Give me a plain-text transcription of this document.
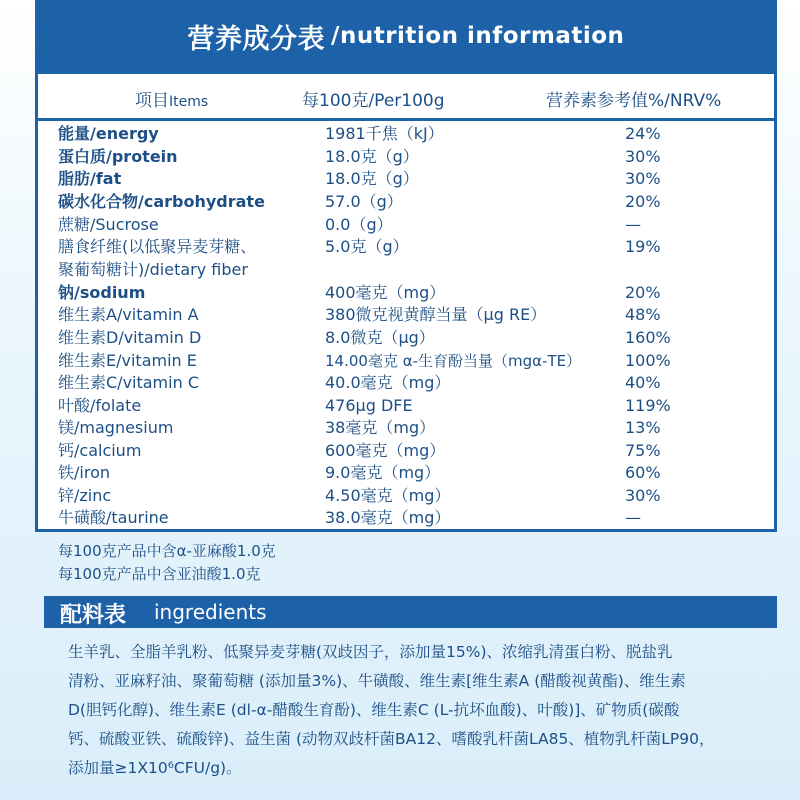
营养成分表 /nutrition information
项目Items	每100克/Per100g	营养素参考值%/NRV%
能量/energy	1981千焦（kJ）	24%
蛋白质/protein	18.0克（g）	30%
脂肪/fat	18.0克（g）	30%
碳水化合物/carbohydrate	57.0（g）	20%
蔗糖/Sucrose	0.0（g）	—
膳食纤维(以低聚异麦芽糖、
聚葡萄糖计)/dietary fiber
5.0克（g）	19%
钠/sodium	400毫克（mg）	20%
维生素A/vitamin A	380微克视黄醇当量（μg RE）	48%
维生素D/vitamin D	8.0微克（μg）	160%
维生素E/vitamin E	14.00毫克 α-生育酚当量（mgα-TE）	100%
维生素C/vitamin C	40.0毫克（mg）	40%
叶酸/folate	476μg DFE	119%
镁/magnesium	38毫克（mg）	13%
钙/calcium	600毫克（mg）	75%
铁/iron	9.0毫克（mg）	60%
锌/zinc	4.50毫克（mg）	30%
牛磺酸/taurine	38.0毫克（mg）	—
每100克产品中含α-亚麻酸1.0克
每100克产品中含亚油酸1.0克
配料表 ingredients
生羊乳、全脂羊乳粉、低聚异麦芽糖(双歧因子，添加量15%)、浓缩乳清蛋白粉、脱盐乳
清粉、亚麻籽油、聚葡萄糖 (添加量3%)、牛磺酸、维生素[维生素A (醋酸视黄酯)、维生素
D(胆钙化醇)、维生素E (dl-α-醋酸生育酚)、维生素C (L-抗坏血酸)、叶酸)]、矿物质(碳酸
钙、硫酸亚铁、硫酸锌)、益生菌 (动物双歧杆菌BA12、嗜酸乳杆菌LA85、植物乳杆菌LP90，
添加量≥1X10⁶CFU/g)。
